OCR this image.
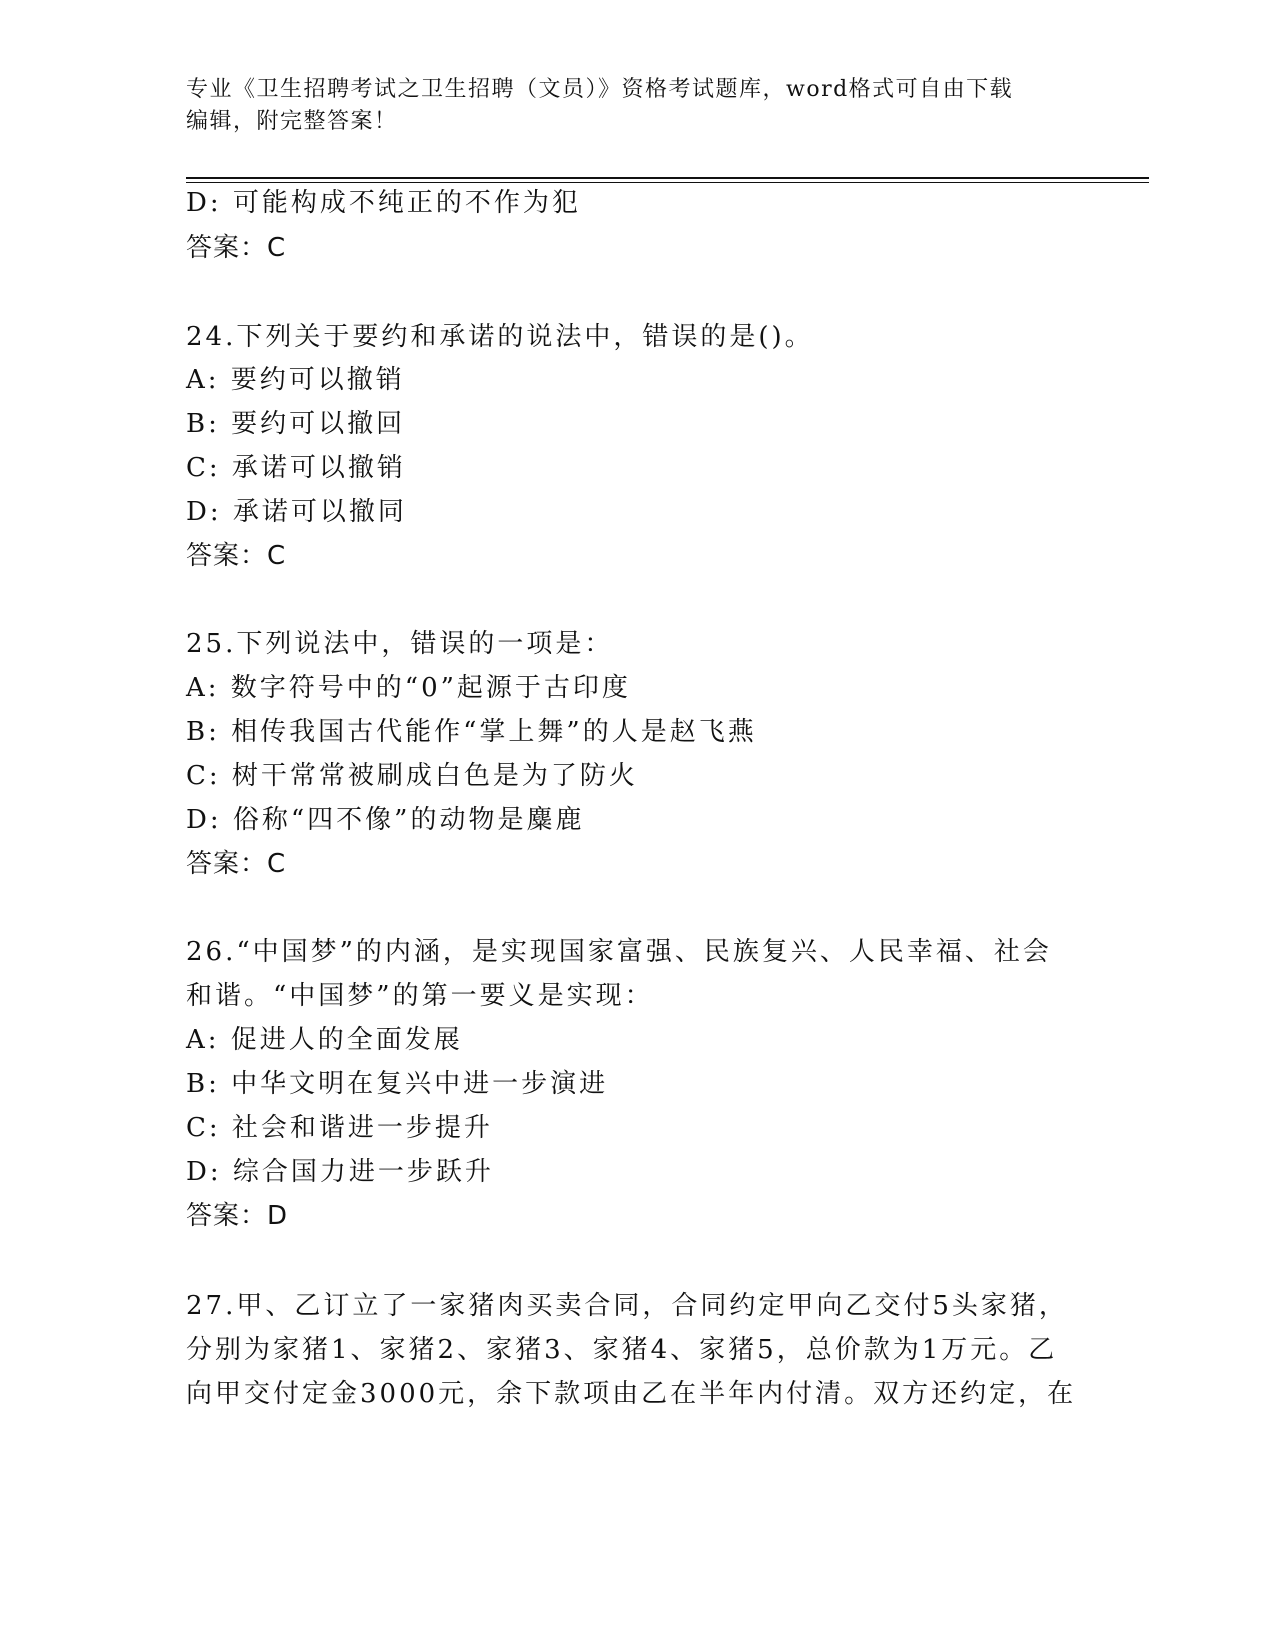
专业《卫生招聘考试之卫生招聘（文员）》资格考试题库，word格式可自由下载
编辑，附完整答案！
D: 可能构成不纯正的不作为犯
答案：C
24.下列关于要约和承诺的说法中，错误的是()。
A: 要约可以撤销
B: 要约可以撤回
C: 承诺可以撤销
D: 承诺可以撤同
答案：C
25.下列说法中，错误的一项是：
A: 数字符号中的“0”起源于古印度
B: 相传我国古代能作“掌上舞”的人是赵飞燕
C: 树干常常被刷成白色是为了防火
D: 俗称“四不像”的动物是麋鹿
答案：C
26.“中国梦”的内涵，是实现国家富强、民族复兴、人民幸福、社会
和谐。“中国梦”的第一要义是实现：
A: 促进人的全面发展
B: 中华文明在复兴中进一步演进
C: 社会和谐进一步提升
D: 综合国力进一步跃升
答案：D
27.甲、乙订立了一家猪肉买卖合同，合同约定甲向乙交付5头家猪，
分别为家猪1、家猪2、家猪3、家猪4、家猪5，总价款为1万元。乙
向甲交付定金3000元，余下款项由乙在半年内付清。双方还约定，在
